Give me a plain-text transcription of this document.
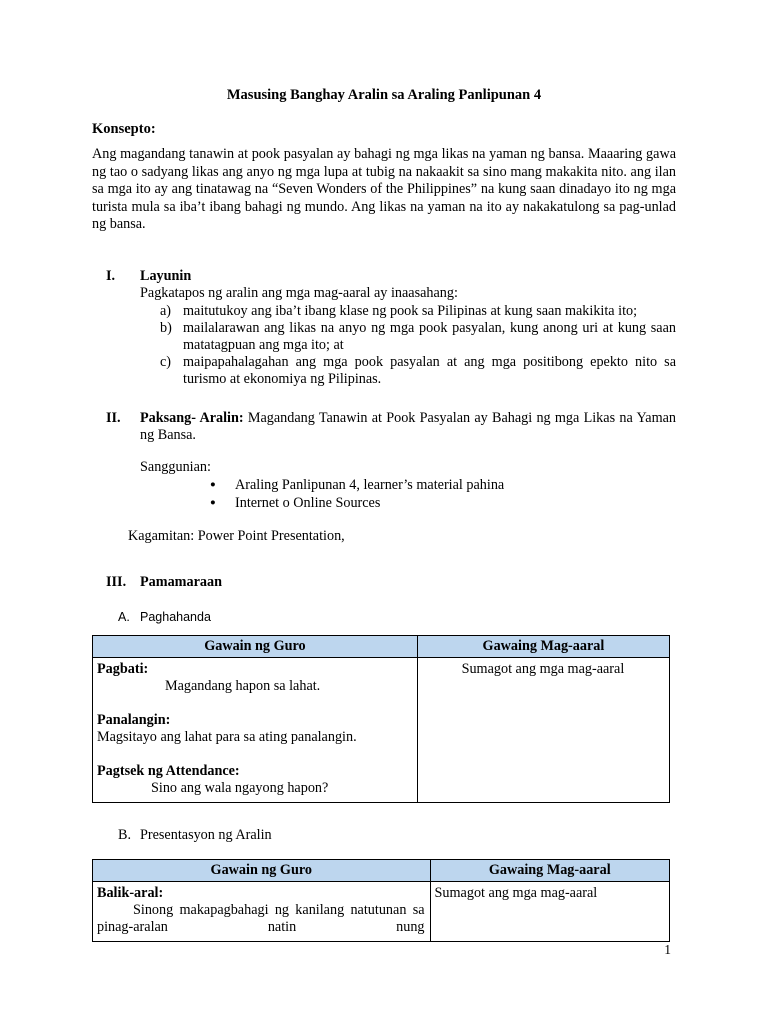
Masusing Banghay Aralin sa Araling Panlipunan 4
Konsepto:

Ang magandang tanawin at pook pasyalan ay bahagi ng mga likas na yaman ng bansa. Maaaring gawa ng tao o sadyang likas ang anyo ng mga lupa at tubig na nakaakit sa sino mang makakita nito. ang ilan sa mga ito ay ang tinatawag na “Seven Wonders of the Philippines” na kung saan dinadayo ito ng mga turista mula sa iba’t ibang bahagi ng mundo. Ang likas na yaman na ito ay nakakatulong sa pag-unlad ng bansa.

I.	Layunin
Pagkatapos ng aralin ang mga mag-aaral ay inaasahang:
a) maitutukoy ang iba’t ibang klase ng pook sa Pilipinas at kung saan makikita ito;
b) mailalarawan ang likas na anyo ng mga pook pasyalan, kung anong uri at kung saan matatagpuan ang mga ito; at
c) maipapahalagahan ang mga pook pasyalan at ang mga positibong epekto nito sa turismo at ekonomiya ng Pilipinas.
II.	Paksang- Aralin: Magandang Tanawin at Pook Pasyalan ay Bahagi ng mga Likas na Yaman ng Bansa.

Sanggunian:
●	Araling Panlipunan 4, learner’s material pahina
●	Internet o Online Sources
Kagamitan: Power Point Presentation,
III. Pamamaraan
A. Paghahanda
Gawain ng Guro	Gawaing Mag-aaral

Pagbati:
Magandang hapon sa lahat.
Panalangin:
Magsitayo ang lahat para sa ating panalangin.
Pagtsek ng Attendance:
Sino ang wala ngayong hapon?
	Sumagot ang mga mag-aaral
B. Presentasyon ng Aralin
Gawain ng Guro	Gawaing Mag-aaral

Balik-aral:

Sinong makapagbahagi ng kanilang natutunan sa pinag-aralan natin nung	Sumagot ang mga mag-aaral
1
